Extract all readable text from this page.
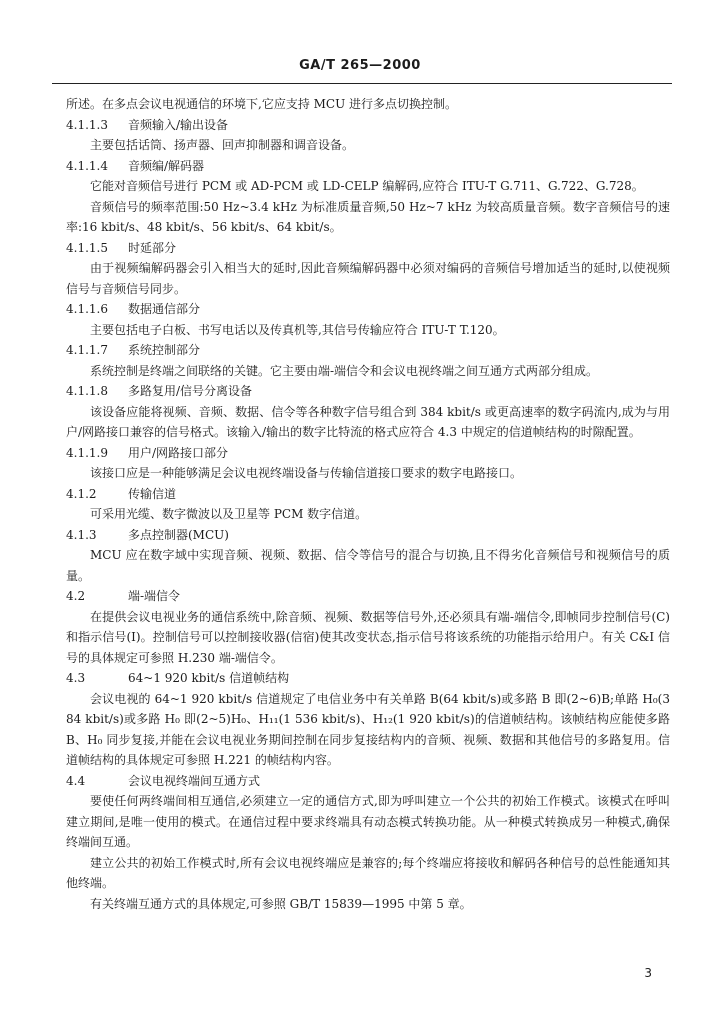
GA/T 265—2000

所述。在多点会议电视通信的环境下,它应支持 MCU 进行多点切换控制。

4.1.1.3 音频输入/输出设备

主要包括话筒、扬声器、回声抑制器和调音设备。

4.1.1.4 音频编/解码器

它能对音频信号进行 PCM 或 AD-PCM 或 LD-CELP 编解码,应符合 ITU-T G.711、G.722、G.728。

音频信号的频率范围:50 Hz~3.4 kHz 为标准质量音频,50 Hz~7 kHz 为较高质量音频。数字音频信号的速率:16 kbit/s、48 kbit/s、56 kbit/s、64 kbit/s。

4.1.1.5 时延部分

由于视频编解码器会引入相当大的延时,因此音频编解码器中必须对编码的音频信号增加适当的延时,以使视频信号与音频信号同步。

4.1.1.6 数据通信部分

主要包括电子白板、书写电话以及传真机等,其信号传输应符合 ITU-T T.120。

4.1.1.7 系统控制部分

系统控制是终端之间联络的关键。它主要由端-端信令和会议电视终端之间互通方式两部分组成。

4.1.1.8 多路复用/信号分离设备

该设备应能将视频、音频、数据、信令等各种数字信号组合到 384 kbit/s 或更高速率的数字码流内,成为与用户/网路接口兼容的信号格式。该输入/输出的数字比特流的格式应符合 4.3 中规定的信道帧结构的时隙配置。

4.1.1.9 用户/网路接口部分

该接口应是一种能够满足会议电视终端设备与传输信道接口要求的数字电路接口。

4.1.2	传输信道

可采用光缆、数字微波以及卫星等 PCM 数字信道。

4.1.3	多点控制器(MCU)

MCU 应在数字域中实现音频、视频、数据、信令等信号的混合与切换,且不得劣化音频信号和视频信号的质量。

4.2	端-端信令

在提供会议电视业务的通信系统中,除音频、视频、数据等信号外,还必须具有端-端信令,即帧同步控制信号(C)和指示信号(I)。控制信号可以控制接收器(信宿)使其改变状态,指示信号将该系统的功能指示给用户。有关 C&I 信号的具体规定可参照 H.230 端-端信令。

4.3	64~1 920 kbit/s 信道帧结构

会议电视的 64~1 920 kbit/s 信道规定了电信业务中有关单路 B(64 kbit/s)或多路 B 即(2~6)B;单路 H₀(384 kbit/s)或多路 H₀ 即(2~5)H₀、H₁₁(1 536 kbit/s)、H₁₂(1 920 kbit/s)的信道帧结构。该帧结构应能使多路 B、H₀ 同步复接,并能在会议电视业务期间控制在同步复接结构内的音频、视频、数据和其他信号的多路复用。信道帧结构的具体规定可参照 H.221 的帧结构内容。

4.4	会议电视终端间互通方式

要使任何两终端间相互通信,必须建立一定的通信方式,即为呼叫建立一个公共的初始工作模式。该模式在呼叫建立期间,是唯一使用的模式。在通信过程中要求终端具有动态模式转换功能。从一种模式转换成另一种模式,确保终端间互通。

建立公共的初始工作模式时,所有会议电视终端应是兼容的;每个终端应将接收和解码各种信号的总性能通知其他终端。

有关终端互通方式的具体规定,可参照 GB/T 15839—1995 中第 5 章。

3
